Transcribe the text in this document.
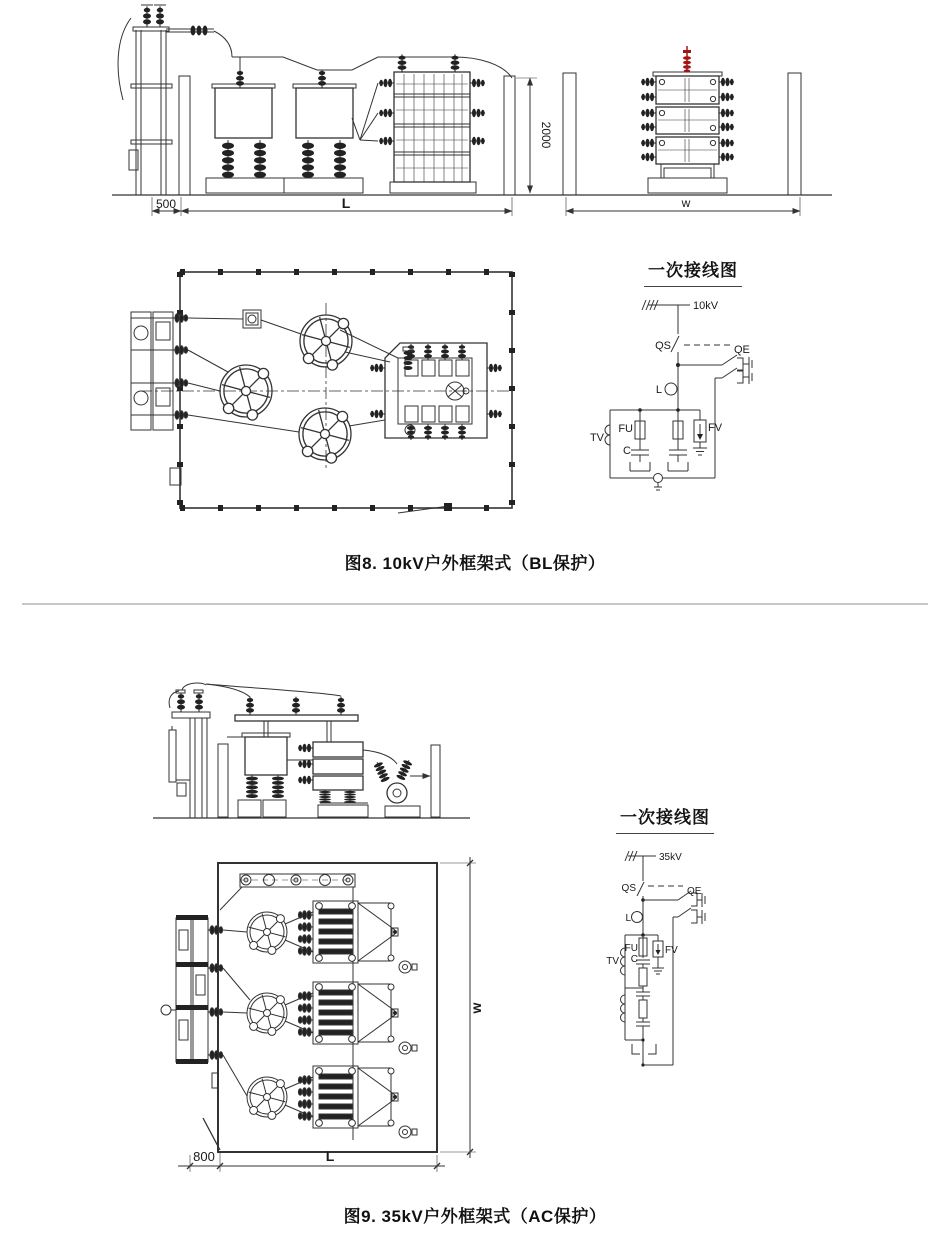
500	L
2000
w
10kV
QS	QE
L
TV
FU
C
FV
800	L
w
35kV
QS	QE
L
TV
FU
C
FV
一次接线图
一次接线图
图8. 10kV户外框架式（BL保护）
图9. 35kV户外框架式（AC保护）
